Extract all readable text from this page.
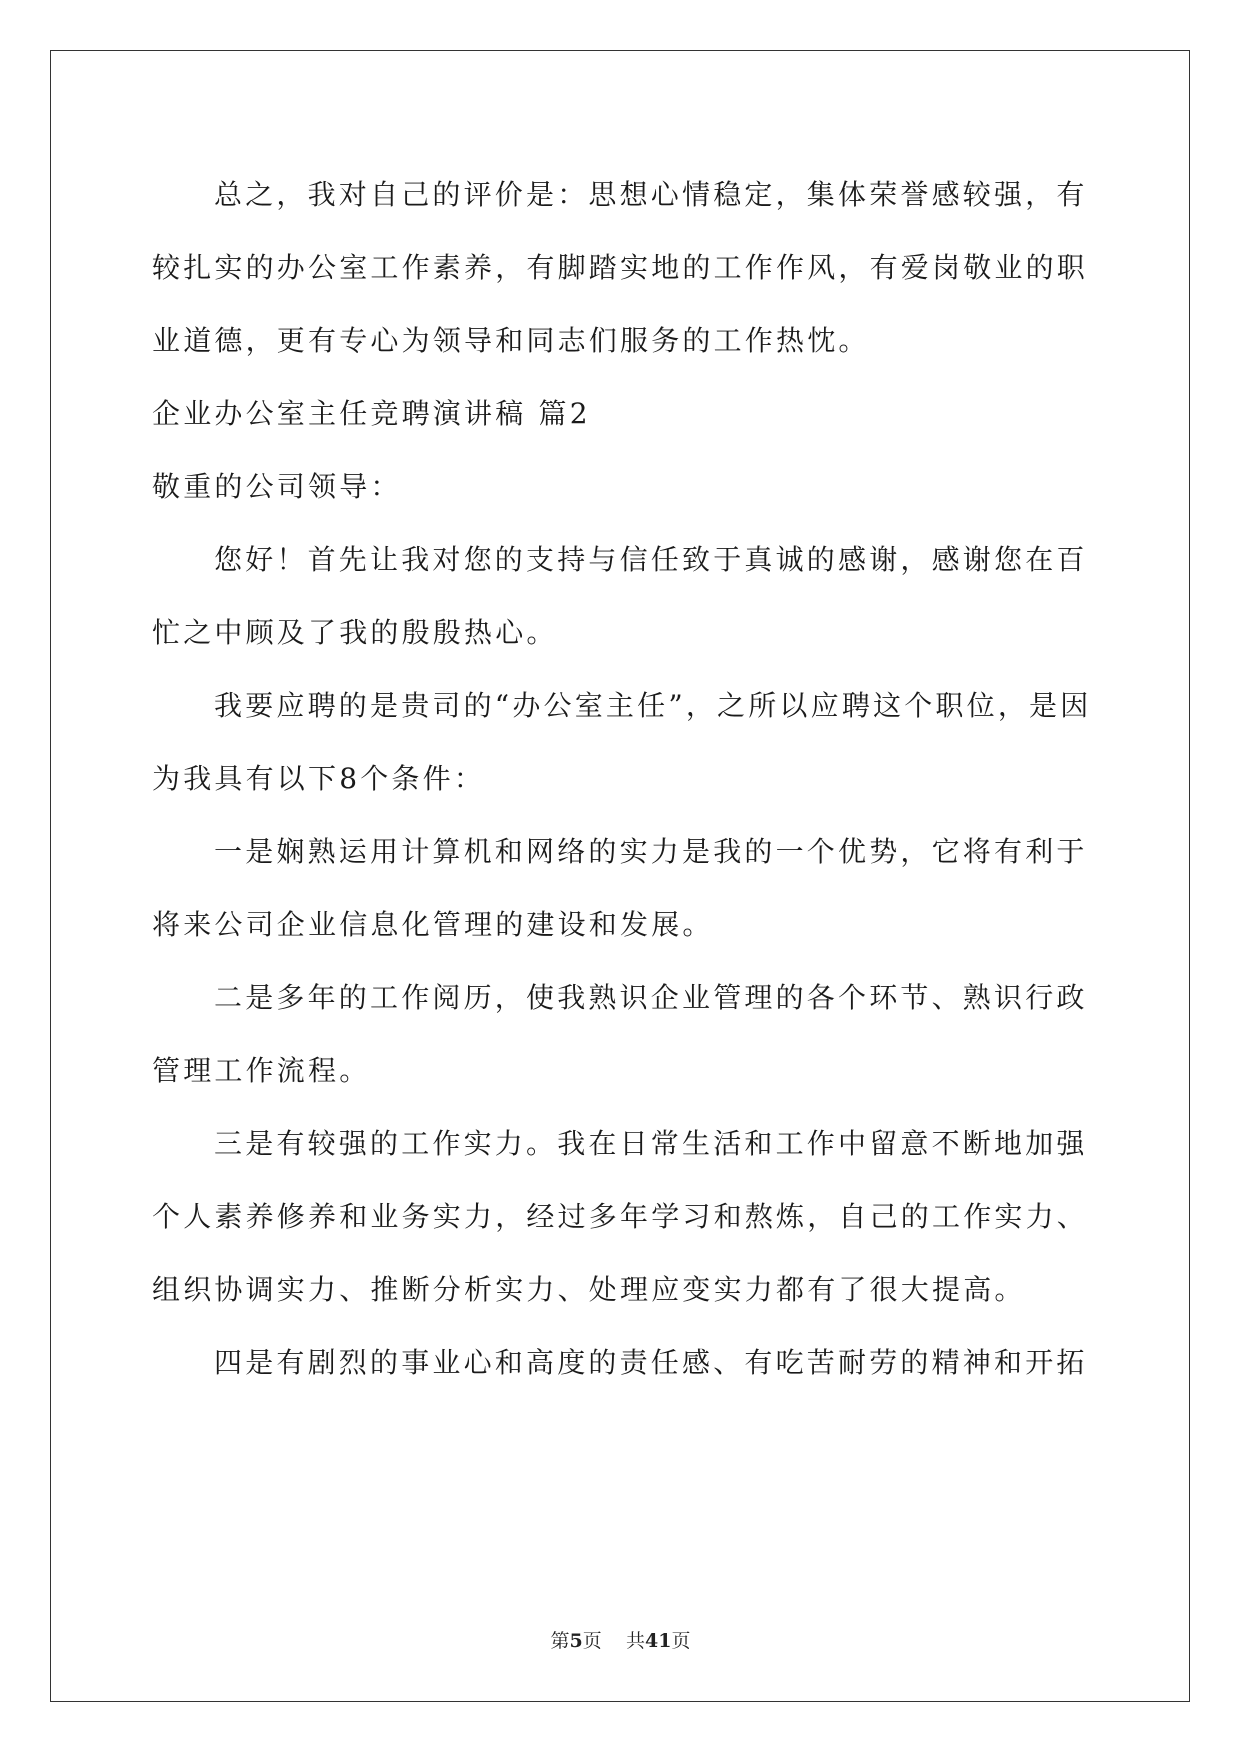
总之，我对自己的评价是：思想心情稳定，集体荣誉感较强，有
较扎实的办公室工作素养，有脚踏实地的工作作风，有爱岗敬业的职
业道德，更有专心为领导和同志们服务的工作热忱。
企业办公室主任竞聘演讲稿 篇2
敬重的公司领导：
您好！首先让我对您的支持与信任致于真诚的感谢，感谢您在百
忙之中顾及了我的殷殷热心。
我要应聘的是贵司的“办公室主任”，之所以应聘这个职位，是因
为我具有以下8个条件：
一是娴熟运用计算机和网络的实力是我的一个优势，它将有利于
将来公司企业信息化管理的建设和发展。
二是多年的工作阅历，使我熟识企业管理的各个环节、熟识行政
管理工作流程。
三是有较强的工作实力。我在日常生活和工作中留意不断地加强
个人素养修养和业务实力，经过多年学习和熬炼，自己的工作实力、
组织协调实力、推断分析实力、处理应变实力都有了很大提高。
四是有剧烈的事业心和高度的责任感、有吃苦耐劳的精神和开拓
第5页 共41页
